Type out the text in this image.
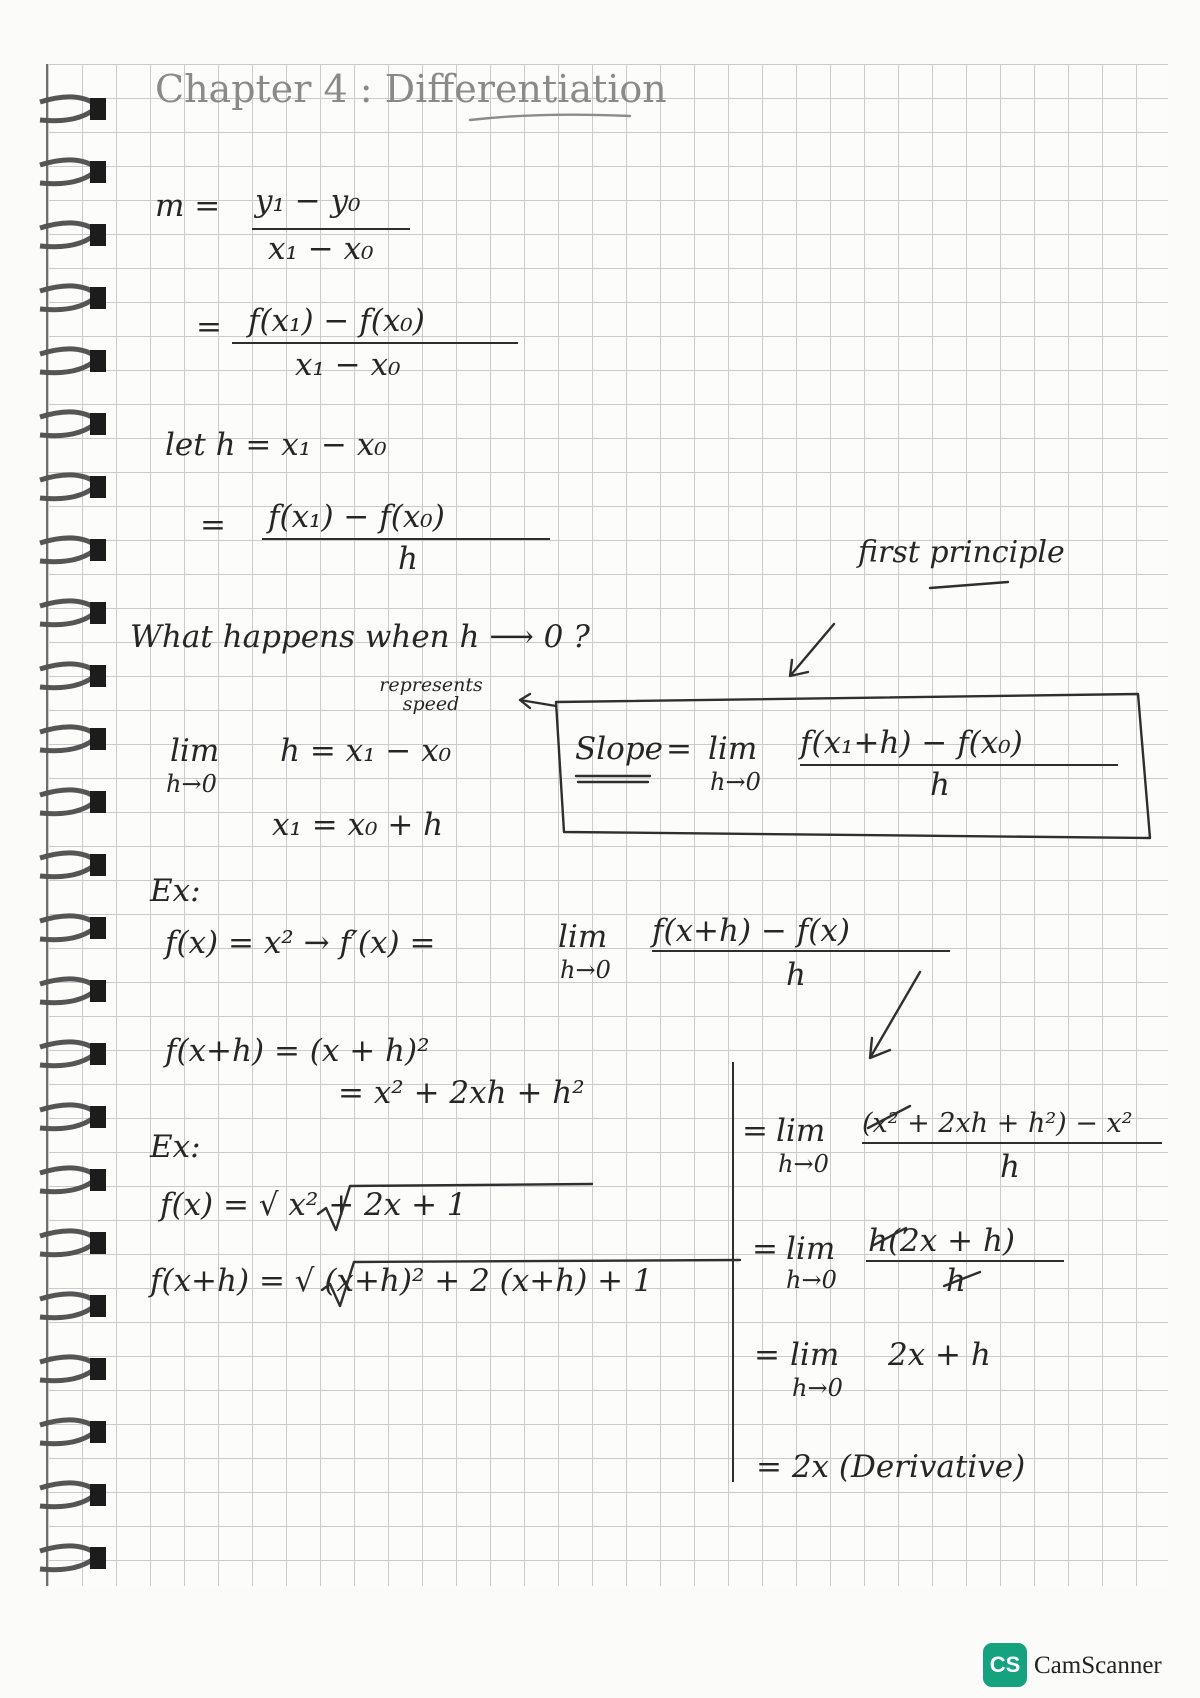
Chapter 4 : Differentiation
m = y₁ − y₀
x₁ − x₀
= f(x₁) − f(x₀)
x₁ − x₀
let h = x₁ − x₀
= f(x₁) − f(x₀)
h	first principle
What happens when h ⟶ 0 ?
represents speed
lim
h→0
h = x₁ − x₀
x₁ = x₀ + h
Slope = lim
h→0
f(x₁+h) − f(x₀)
h
Ex:
f(x) = x² → f′(x) =	lim
h→0
f(x+h) − f(x)
h
f(x+h) = (x + h)²
= x² + 2xh + h²
Ex:
f(x) = √ x² + 2x + 1
f(x+h) = √ (x+h)² + 2 (x+h) + 1
= lim
h→0
(x² + 2xh + h²) − x²
h
= lim
h→0
h(2x + h)
h
= lim
h→0
2x + h
= 2x (Derivative)
CS CamScanner
